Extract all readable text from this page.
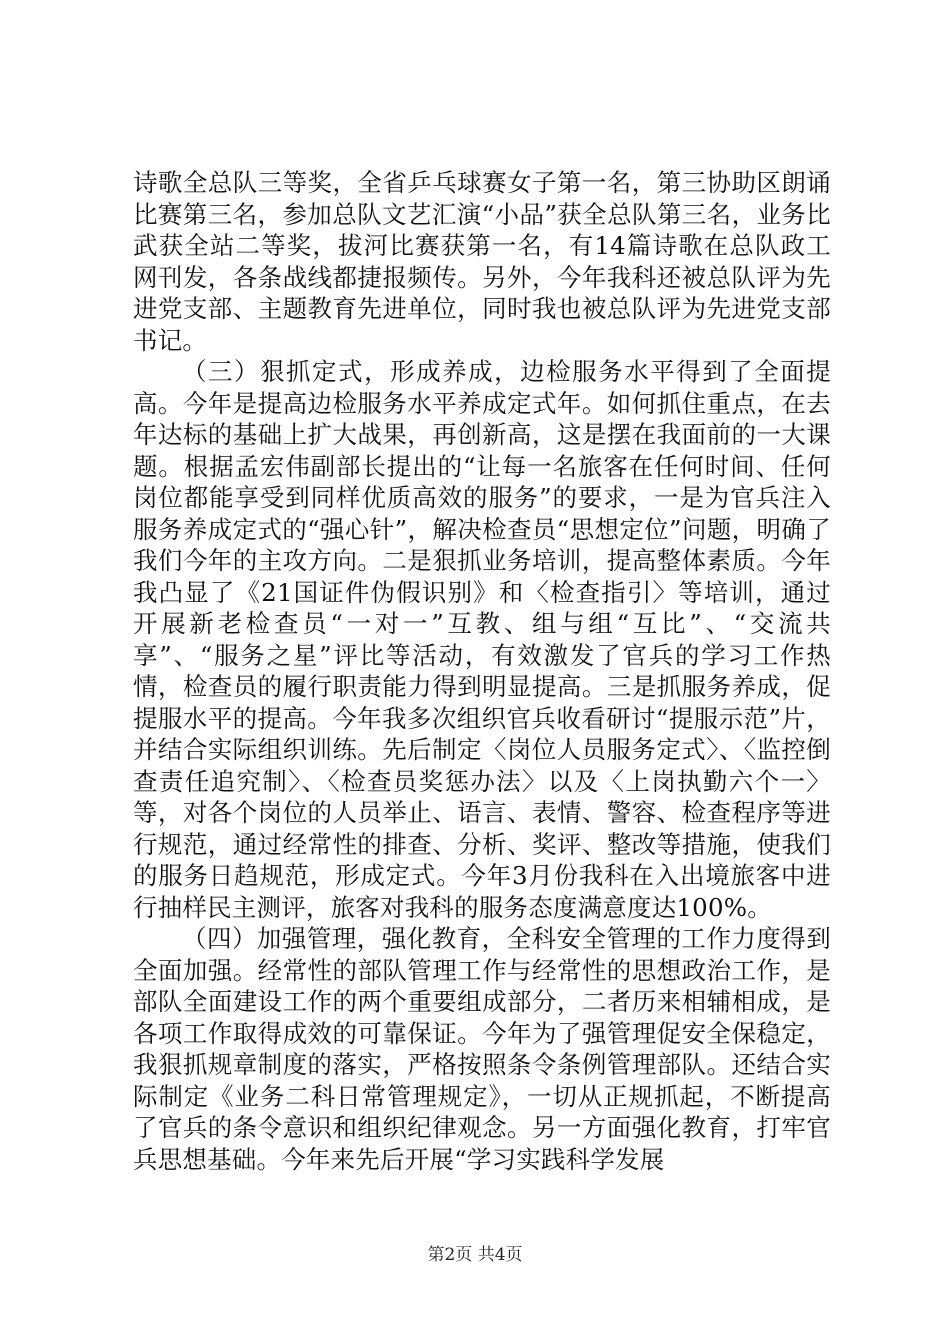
诗歌全总队三等奖，全省乒乓球赛女子第一名，第三协助区朗诵比赛第三名，参加总队文艺汇演“小品”获全总队第三名，业务比武获全站二等奖，拔河比赛获第一名，有14篇诗歌在总队政工网刊发，各条战线都捷报频传。另外，今年我科还被总队评为先进党支部、主题教育先进单位，同时我也被总队评为先进党支部书记。

（三）狠抓定式，形成养成，边检服务水平得到了全面提高。今年是提高边检服务水平养成定式年。如何抓住重点，在去年达标的基础上扩大战果，再创新高，这是摆在我面前的一大课题。根据孟宏伟副部长提出的“让每一名旅客在任何时间、任何岗位都能享受到同样优质高效的服务”的要求，一是为官兵注入服务养成定式的“强心针”，解决检查员“思想定位”问题，明确了我们今年的主攻方向。二是狠抓业务培训，提高整体素质。今年我凸显了《21国证件伪假识别》和〈检查指引〉等培训，通过开展新老检查员“一对一”互教、组与组“互比”、“交流共享”、“服务之星”评比等活动，有效激发了官兵的学习工作热情，检查员的履行职责能力得到明显提高。三是抓服务养成，促提服水平的提高。今年我多次组织官兵收看研讨“提服示范”片，并结合实际组织训练。先后制定〈岗位人员服务定式〉、〈监控倒查责任追究制〉、〈检查员奖惩办法〉以及〈上岗执勤六个一〉等，对各个岗位的人员举止、语言、表情、警容、检查程序等进行规范，通过经常性的排查、分析、奖评、整改等措施，使我们的服务日趋规范，形成定式。今年3月份我科在入出境旅客中进行抽样民主测评，旅客对我科的服务态度满意度达100%。

（四）加强管理，强化教育，全科安全管理的工作力度得到全面加强。经常性的部队管理工作与经常性的思想政治工作，是部队全面建设工作的两个重要组成部分，二者历来相辅相成，是各项工作取得成效的可靠保证。今年为了强管理促安全保稳定，我狠抓规章制度的落实，严格按照条令条例管理部队。还结合实际制定《业务二科日常管理规定》，一切从正规抓起，不断提高了官兵的条令意识和组织纪律观念。另一方面强化教育，打牢官兵思想基础。今年来先后开展“学习实践科学发展

第2页 共4页
